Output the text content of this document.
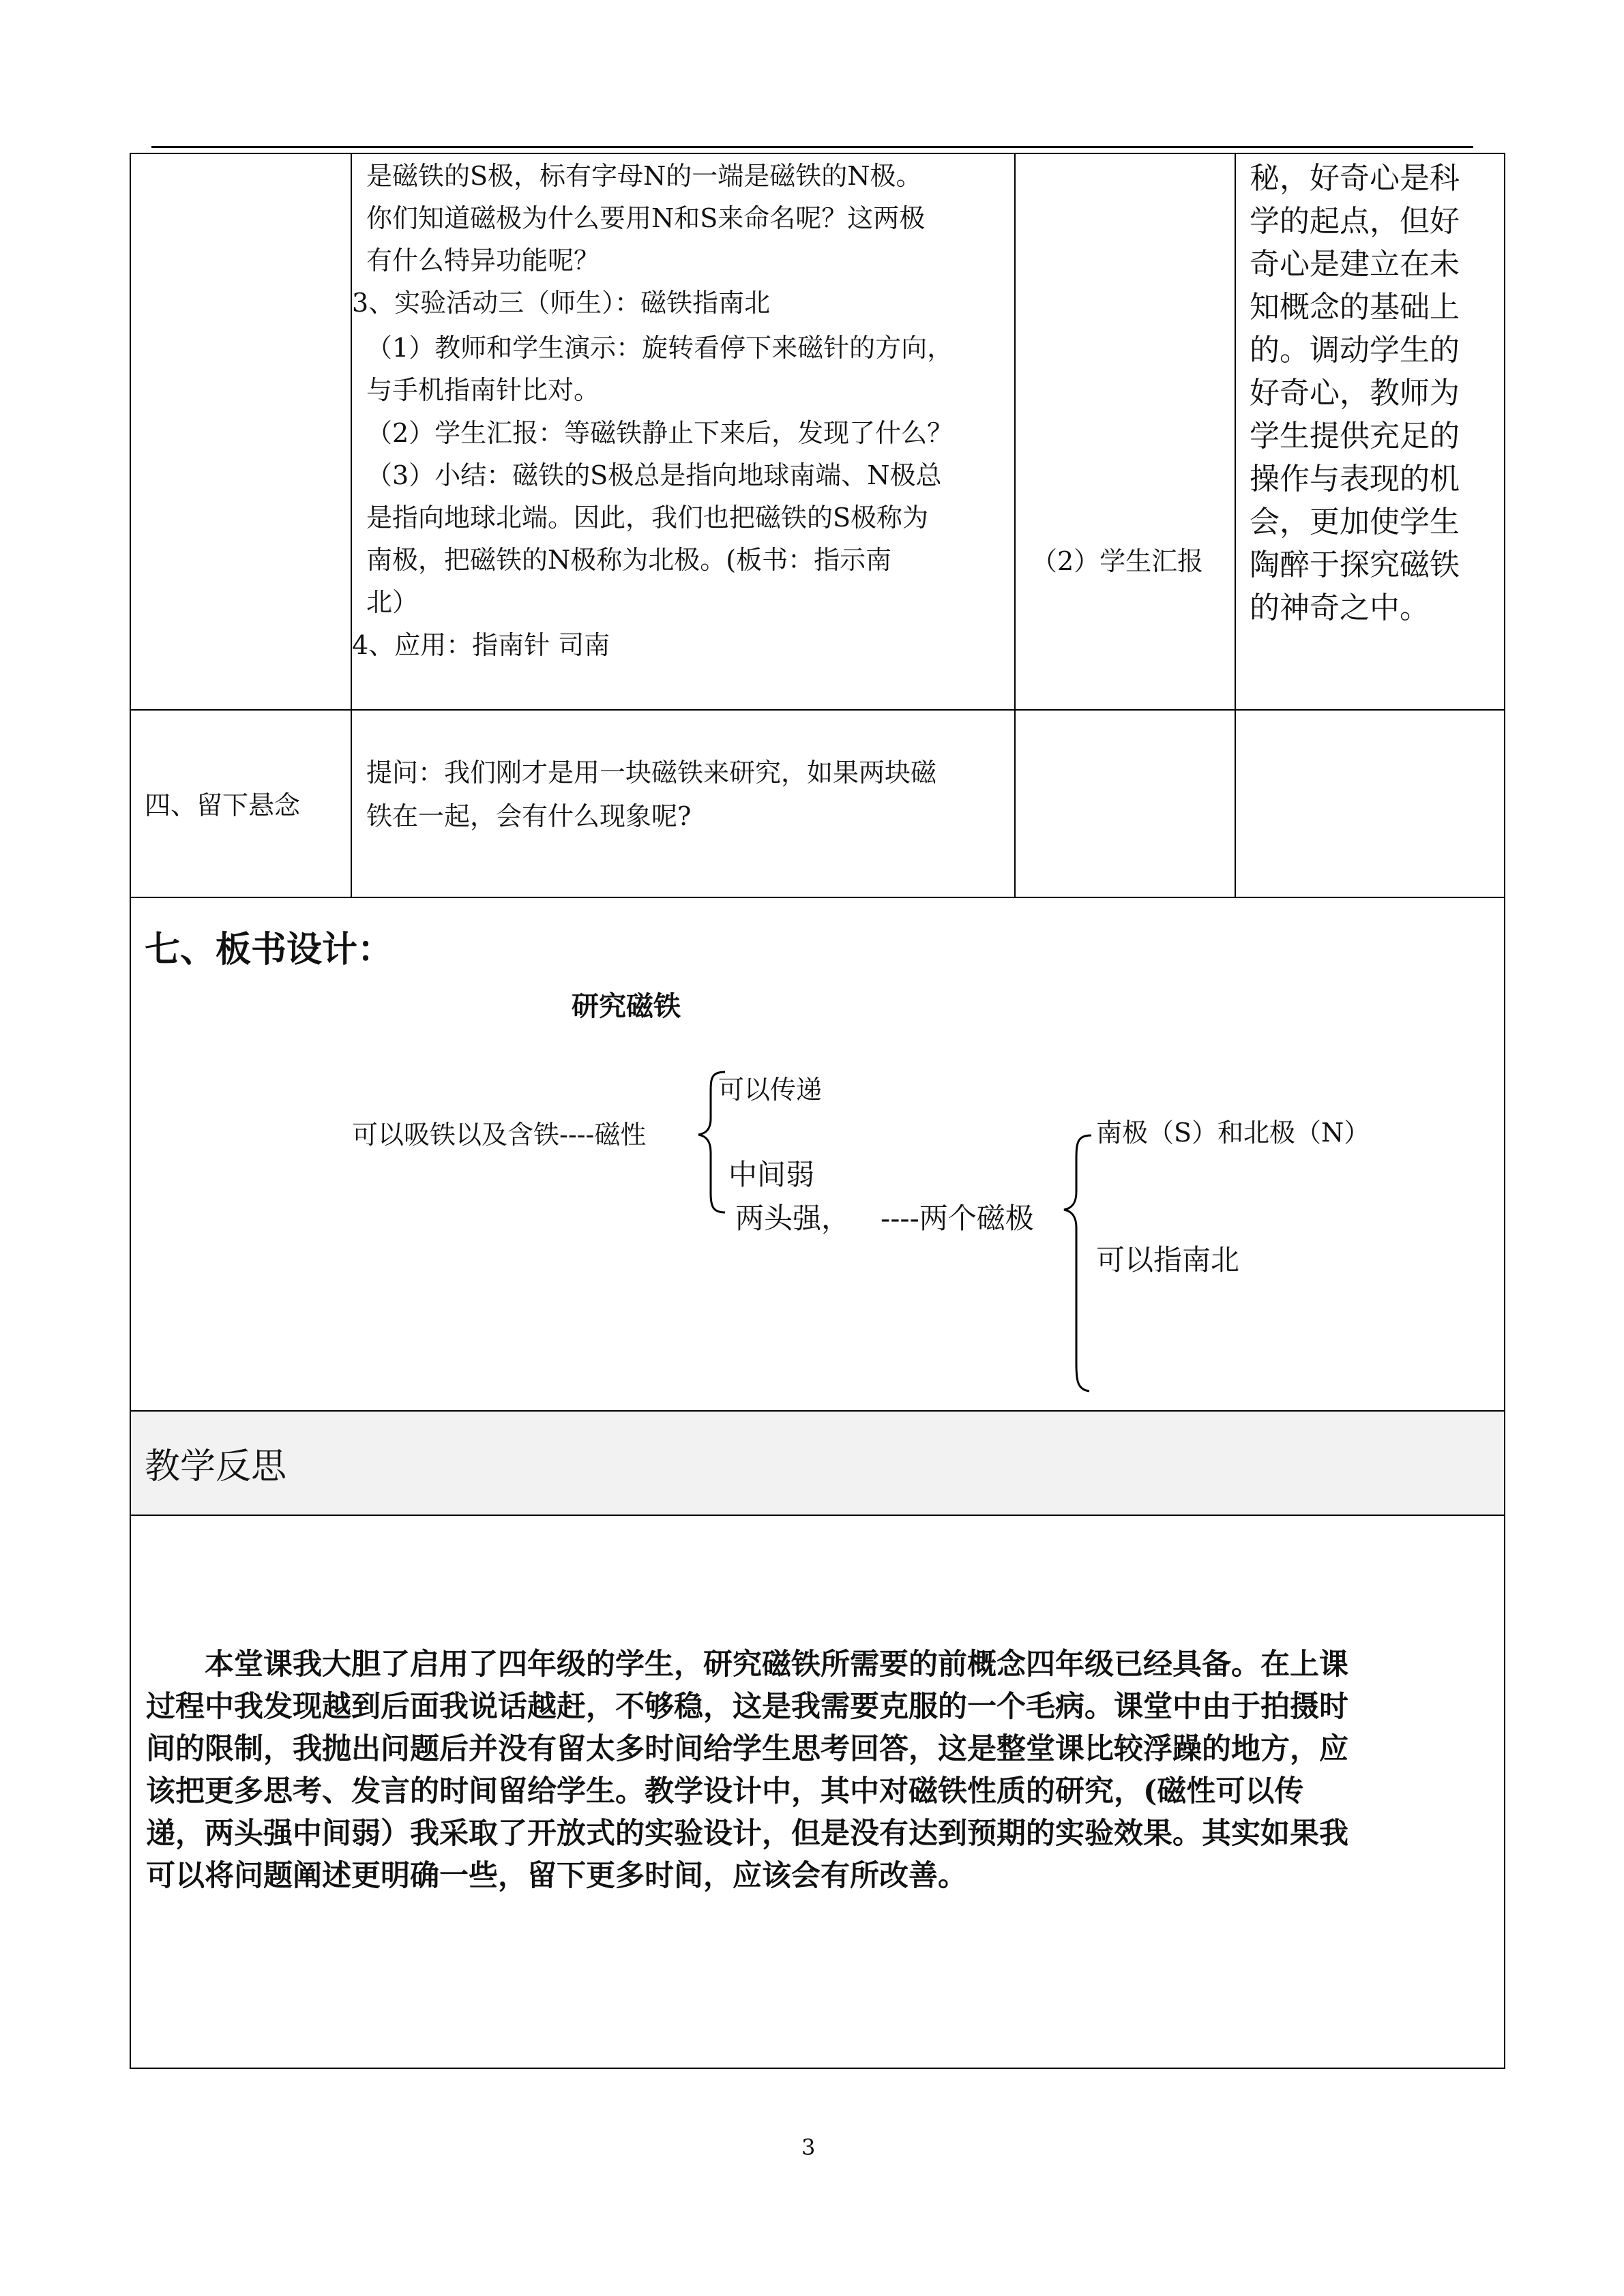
是磁铁的S极，标有字母N的一端是磁铁的N极。
你们知道磁极为什么要用N和S来命名呢？这两极
有什么特异功能呢？
3、实验活动三（师生）：磁铁指南北
（1）教师和学生演示：旋转看停下来磁针的方向，
与手机指南针比对。
（2）学生汇报：等磁铁静止下来后，发现了什么？
（3）小结：磁铁的S极总是指向地球南端、N极总
是指向地球北端。因此，我们也把磁铁的S极称为
南极，把磁铁的N极称为北极。(板书：指示南
北）
4、应用：指南针 司南
（2）学生汇报
秘，好奇心是科
学的起点，但好
奇心是建立在未
知概念的基础上
的。调动学生的
好奇心，教师为
学生提供充足的
操作与表现的机
会，更加使学生
陶醉于探究磁铁
的神奇之中。
四、留下悬念
提问：我们刚才是用一块磁铁来研究，如果两块磁
铁在一起，会有什么现象呢?
七、板书设计：
研究磁铁
可以吸铁以及含铁----磁性
可以传递
中间弱
两头强， ----两个磁极
南极（S）和北极（N）
可以指南北
教学反思

　　本堂课我大胆了启用了四年级的学生，研究磁铁所需要的前概念四年级已经具备。在上课

过程中我发现越到后面我说话越赶，不够稳，这是我需要克服的一个毛病。课堂中由于拍摄时

间的限制，我抛出问题后并没有留太多时间给学生思考回答，这是整堂课比较浮躁的地方，应

该把更多思考、发言的时间留给学生。教学设计中，其中对磁铁性质的研究，(磁性可以传

递，两头强中间弱）我采取了开放式的实验设计，但是没有达到预期的实验效果。其实如果我

可以将问题阐述更明确一些，留下更多时间，应该会有所改善。

3
